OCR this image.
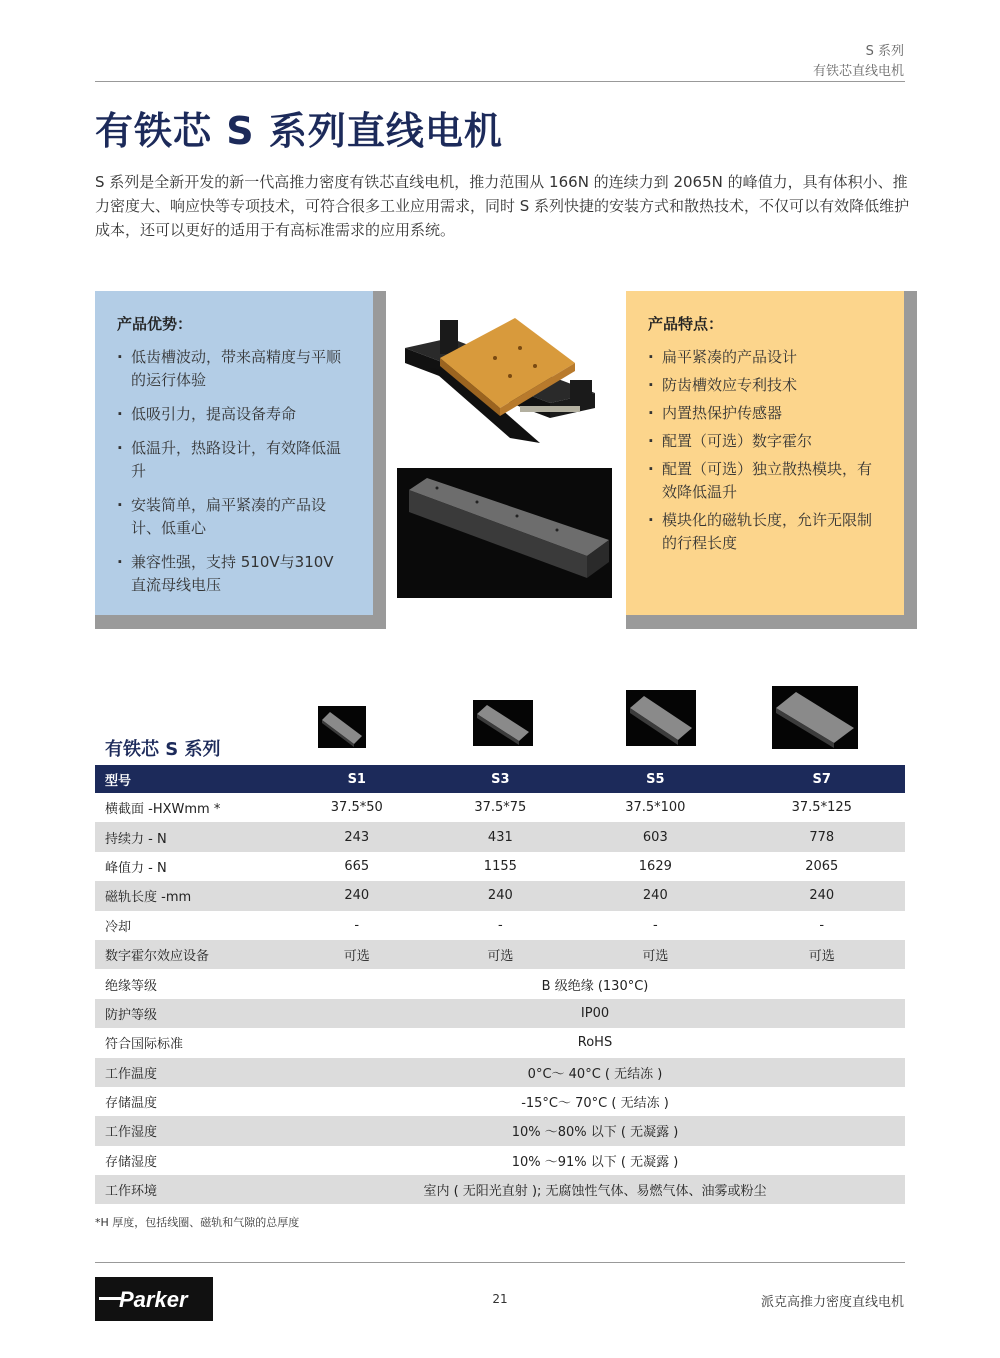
S 系列
有铁芯直线电机
有铁芯 S 系列直线电机

S 系列是全新开发的新一代高推力密度有铁芯直线电机，推力范围从 166N 的连续力到 2065N 的峰值力，具有体积小、推力密度大、响应快等专项技术，可符合很多工业应用需求，同时 S 系列快捷的安装方式和散热技术，不仅可以有效降低维护成本，还可以更好的适用于有高标准需求的应用系统。

产品优势：
· 低齿槽波动，带来高精度与平顺的运行体验
· 低吸引力，提高设备寿命
· 低温升，热路设计，有效降低温升
· 安装简单，扁平紧凑的产品设计、低重心
· 兼容性强，支持 510V与310V 直流母线电压
产品特点：
· 扁平紧凑的产品设计
· 防齿槽效应专利技术
· 内置热保护传感器
· 配置（可选）数字霍尔
· 配置（可选）独立散热模块，有效降低温升
· 模块化的磁轨长度，允许无限制的行程长度
有铁芯 S 系列
型号	S1	S3	S5	S7
横截面 -HXWmm *	37.5*50	37.5*75	37.5*100	37.5*125
持续力 - N	243	431	603	778
峰值力 - N	665	1155	1629	2065
磁轨长度 -mm	240	240	240	240
冷却	-	-	-	-
数字霍尔效应设备	可选	可选	可选	可选
绝缘等级	B 级绝缘 (130°C)			
防护等级	IP00			
符合国际标准	RoHS			
工作温度	0°C～ 40°C ( 无结冻 )			
存储温度	-15°C～ 70°C ( 无结冻 )			
工作湿度	10% ～80% 以下 ( 无凝露 )			
存储湿度	10% ～91% 以下 ( 无凝露 )			
工作环境	室内 ( 无阳光直射 ); 无腐蚀性气体、易燃气体、油雾或粉尘			

*H 厚度，包括线圈、磁轨和气隙的总厚度

Parker	21	派克高推力密度直线电机
